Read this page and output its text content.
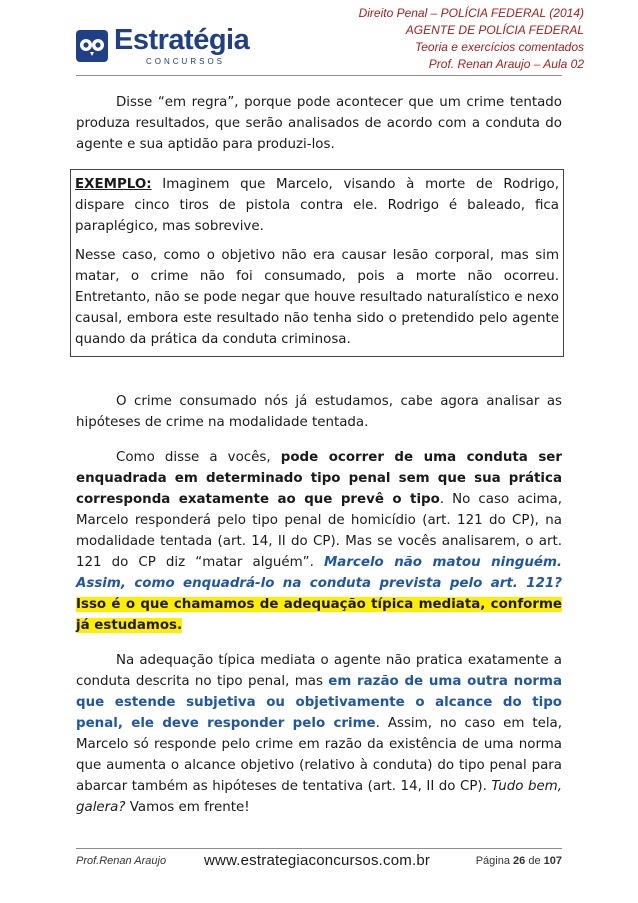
Estratégia
CONCURSOS
Direito Penal – POLÍCIA FEDERAL (2014)
AGENTE DE POLÍCIA FEDERAL
Teoria e exercícios comentados
Prof. Renan Araujo – Aula 02

Disse “em regra”, porque pode acontecer que um crime tentado produza resultados, que serão analisados de acordo com a conduta do agente e sua aptidão para produzi-los.

EXEMPLO: Imaginem que Marcelo, visando à morte de Rodrigo, dispare cinco tiros de pistola contra ele. Rodrigo é baleado, fica paraplégico, mas sobrevive.

Nesse caso, como o objetivo não era causar lesão corporal, mas sim matar, o crime não foi consumado, pois a morte não ocorreu. Entretanto, não se pode negar que houve resultado naturalístico e nexo causal, embora este resultado não tenha sido o pretendido pelo agente quando da prática da conduta criminosa.

O crime consumado nós já estudamos, cabe agora analisar as hipóteses de crime na modalidade tentada.

Como disse a vocês, pode ocorrer de uma conduta ser enquadrada em determinado tipo penal sem que sua prática corresponda exatamente ao que prevê o tipo. No caso acima, Marcelo responderá pelo tipo penal de homicídio (art. 121 do CP), na modalidade tentada (art. 14, II do CP). Mas se vocês analisarem, o art. 121 do CP diz “matar alguém”. Marcelo não matou ninguém. Assim, como enquadrá-lo na conduta prevista pelo art. 121? Isso é o que chamamos de adequação típica mediata, conforme já estudamos.

Na adequação típica mediata o agente não pratica exatamente a conduta descrita no tipo penal, mas em razão de uma outra norma que estende subjetiva ou objetivamente o alcance do tipo penal, ele deve responder pelo crime. Assim, no caso em tela, Marcelo só responde pelo crime em razão da existência de uma norma que aumenta o alcance objetivo (relativo à conduta) do tipo penal para abarcar também as hipóteses de tentativa (art. 14, II do CP). Tudo bem, galera? Vamos em frente!

Prof.Renan Araujo	www.estrategiaconcursos.com.br	Página 26 de 107
